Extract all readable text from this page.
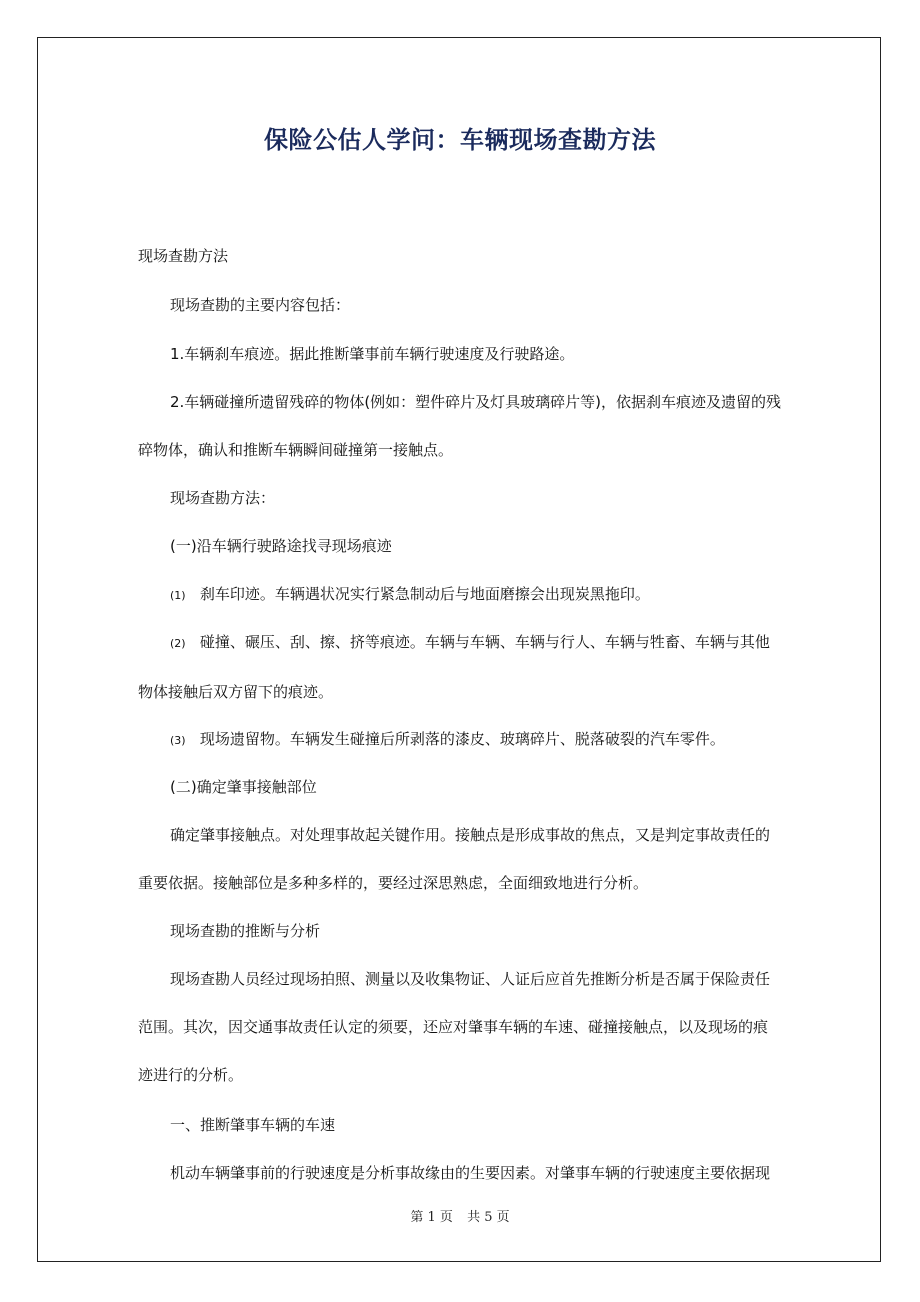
保险公估人学问：车辆现场查勘方法
现场查勘方法
现场查勘的主要内容包括：
1.车辆刹车痕迹。据此推断肇事前车辆行驶速度及行驶路途。
2.车辆碰撞所遗留残碎的物体(例如：塑件碎片及灯具玻璃碎片等)，依据刹车痕迹及遗留的残碎物体，确认和推断车辆瞬间碰撞第一接触点。
现场查勘方法：
(一)沿车辆行驶路途找寻现场痕迹
(1) 刹车印迹。车辆遇状况实行紧急制动后与地面磨擦会出现炭黑拖印。
(2) 碰撞、碾压、刮、擦、挤等痕迹。车辆与车辆、车辆与行人、车辆与牲畜、车辆与其他物体接触后双方留下的痕迹。
(3) 现场遗留物。车辆发生碰撞后所剥落的漆皮、玻璃碎片、脱落破裂的汽车零件。
(二)确定肇事接触部位
确定肇事接触点。对处理事故起关键作用。接触点是形成事故的焦点，又是判定事故责任的重要依据。接触部位是多种多样的，要经过深思熟虑，全面细致地进行分析。
现场查勘的推断与分析
现场查勘人员经过现场拍照、测量以及收集物证、人证后应首先推断分析是否属于保险责任范围。其次，因交通事故责任认定的须要，还应对肇事车辆的车速、碰撞接触点，以及现场的痕迹进行的分析。
一、推断肇事车辆的车速
机动车辆肇事前的行驶速度是分析事故缘由的生要因素。对肇事车辆的行驶速度主要依据现
第 1 页 共 5 页
